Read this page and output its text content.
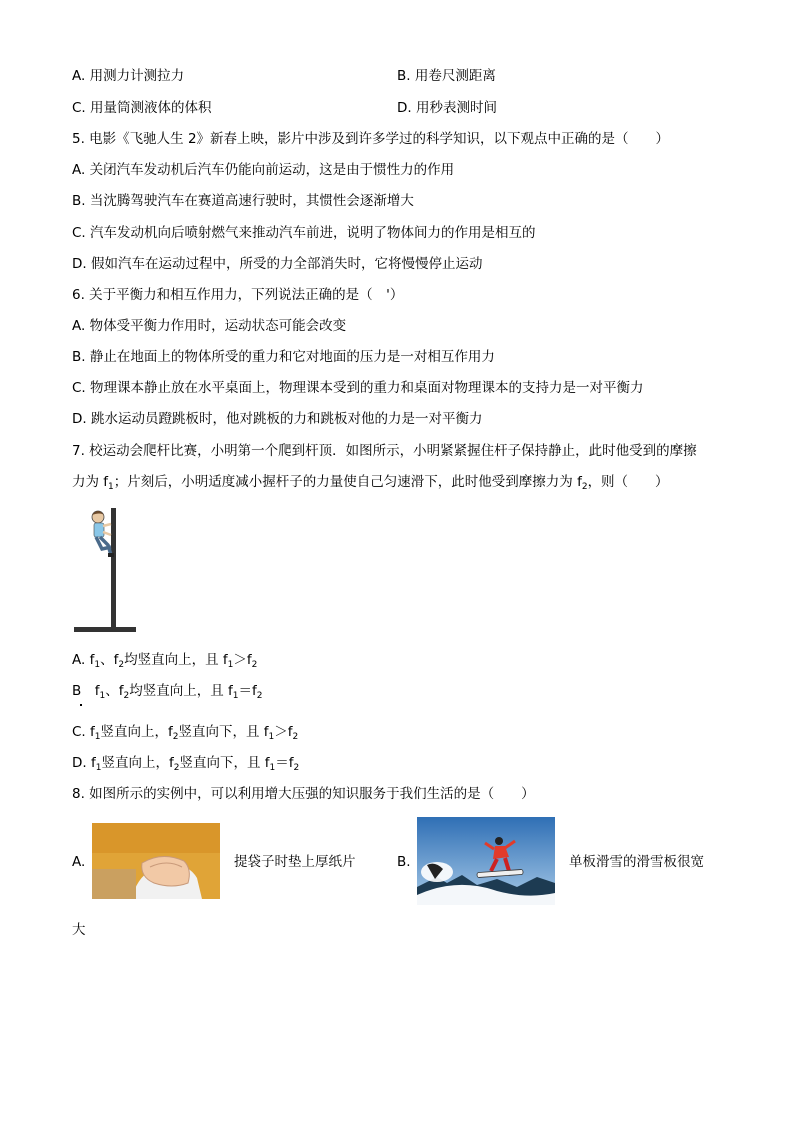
A. 用测力计测拉力	B. 用卷尺测距离
C. 用量筒测液体的体积	D. 用秒表测时间
5. 电影《飞驰人生 2》新春上映，影片中涉及到许多学过的科学知识，以下观点中正确的是（　　）
A. 关闭汽车发动机后汽车仍能向前运动，这是由于惯性力的作用
B. 当沈腾驾驶汽车在赛道高速行驶时，其惯性会逐渐增大
C. 汽车发动机向后喷射燃气来推动汽车前进，说明了物体间力的作用是相互的
D. 假如汽车在运动过程中，所受的力全部消失时，它将慢慢停止运动
6. 关于平衡力和相互作用力，下列说法正确的是（　'）
A. 物体受平衡力作用时，运动状态可能会改变
B. 静止在地面上的物体所受的重力和它对地面的压力是一对相互作用力
C. 物理课本静止放在水平桌面上，物理课本受到的重力和桌面对物理课本的支持力是一对平衡力
D. 跳水运动员蹬跳板时，他对跳板的力和跳板对他的力是一对平衡力
7. 校运动会爬杆比赛，小明第一个爬到杆顶．如图所示，小明紧紧握住杆子保持静止，此时他受到的摩擦
力为 $f_1$；片刻后，小明适度减小握杆子的力量使自己匀速滑下，此时他受到摩擦力为 $f_2$，则（　　）
A. $f_1$、$f_2$均竖直向上，且 $f_1>f_2$
B　$f_1$、$f_2$均竖直向上，且 $f_1=f_2$
C. $f_1$竖直向上，$f_2$竖直向下，且 $f_1>f_2$
D. $f_1$竖直向上，$f_2$竖直向下，且 $f_1=f_2$
8. 如图所示的实例中，可以利用增大压强的知识服务于我们生活的是（　　）
A.	提袋子时垫上厚纸片	B.	单板滑雪的滑雪板很宽
大
